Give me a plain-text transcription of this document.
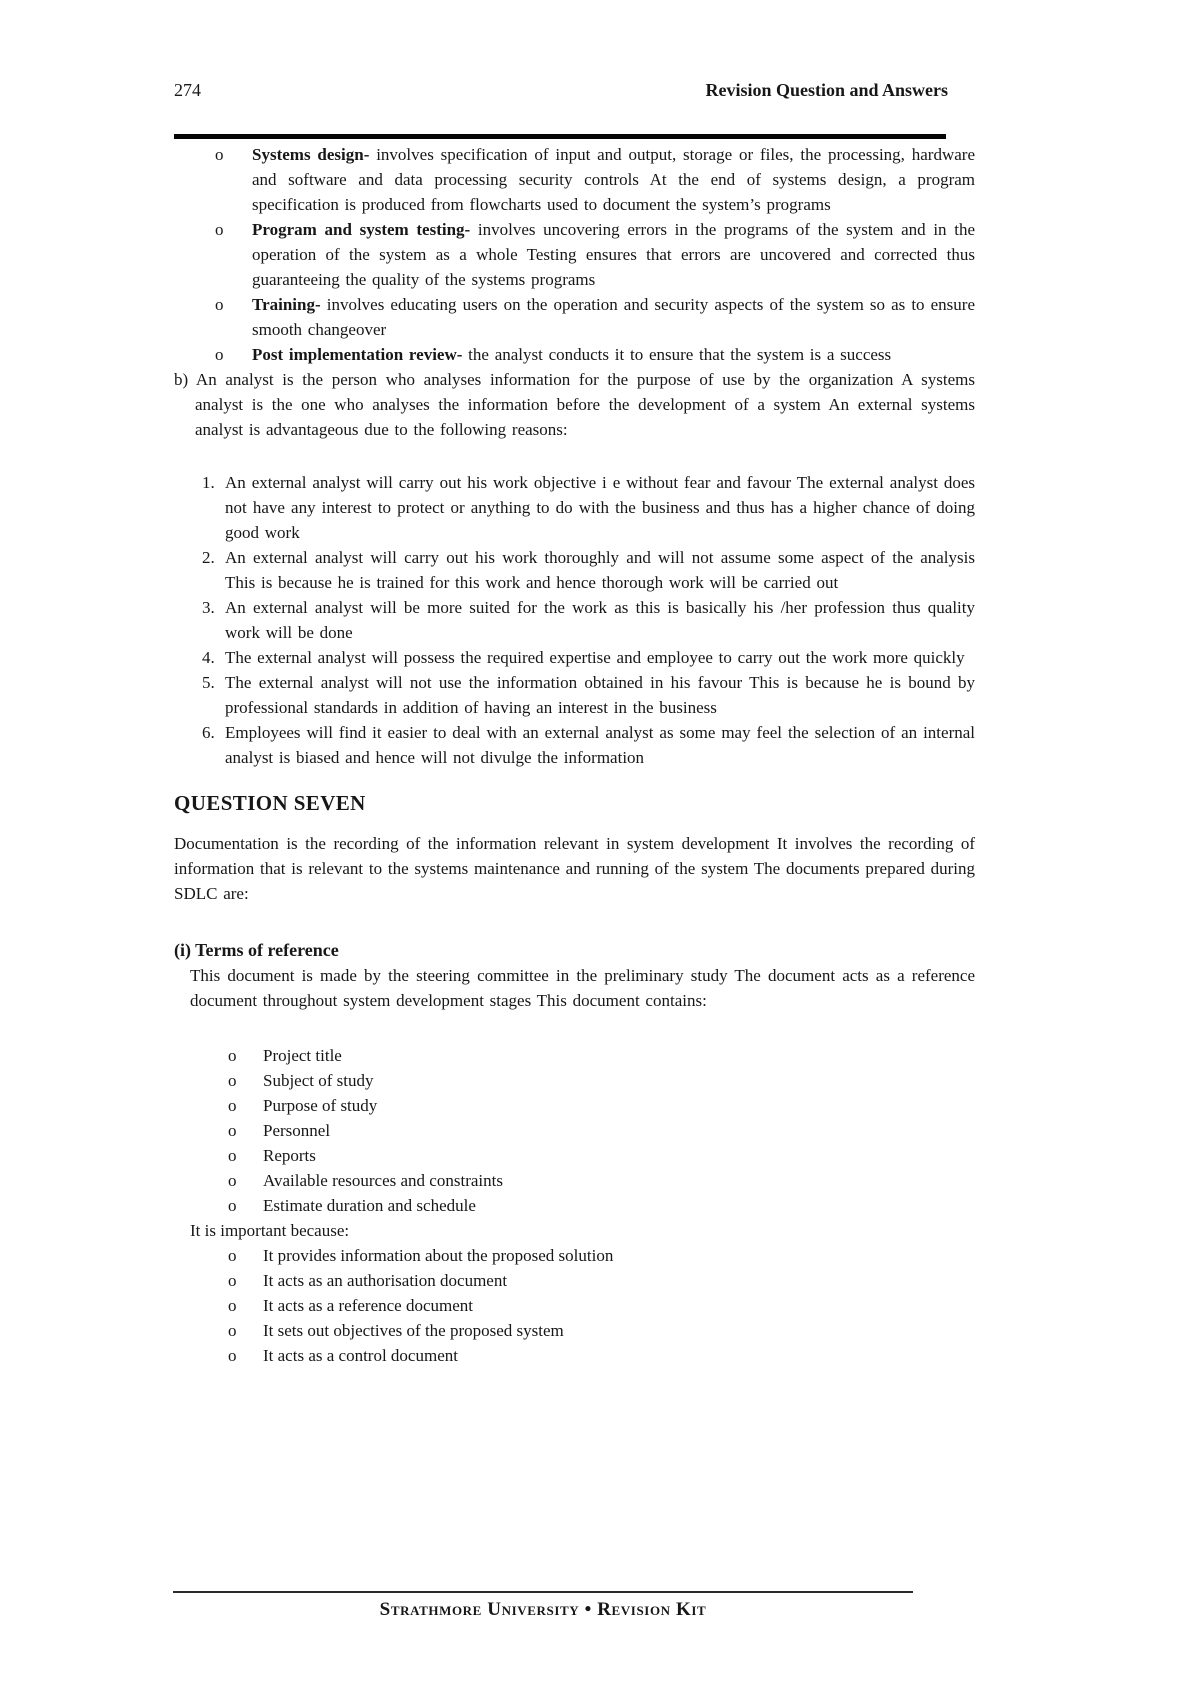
274	Revision Question and Answers
o Systems design- involves specification of input and output, storage or files, the processing, hardware and software and data processing security controls At the end of systems design, a program specification is produced from flowcharts used to document the system’s programs
o Program and system testing- involves uncovering errors in the programs of the system and in the operation of the system as a whole Testing ensures that errors are uncovered and corrected thus guaranteeing the quality of the systems programs
o Training- involves educating users on the operation and security aspects of the system so as to ensure smooth changeover
o Post implementation review- the analyst conducts it to ensure that the system is a success
b) An analyst is the person who analyses information for the purpose of use by the organization A systems analyst is the one who analyses the information before the development of a system An external systems analyst is advantageous due to the following reasons:
1. An external analyst will carry out his work objective i e without fear and favour The external analyst does not have any interest to protect or anything to do with the business and thus has a higher chance of doing good work
2. An external analyst will carry out his work thoroughly and will not assume some aspect of the analysis This is because he is trained for this work and hence thorough work will be carried out
3. An external analyst will be more suited for the work as this is basically his /her profession thus quality work will be done
4. The external analyst will possess the required expertise and employee to carry out the work more quickly
5. The external analyst will not use the information obtained in his favour This is because he is bound by professional standards in addition of having an interest in the business
6. Employees will find it easier to deal with an external analyst as some may feel the selection of an internal analyst is biased and hence will not divulge the information
QUESTION SEVEN

Documentation is the recording of the information relevant in system development It involves the recording of information that is relevant to the systems maintenance and running of the system The documents prepared during SDLC are:

(i) Terms of reference

This document is made by the steering committee in the preliminary study The document acts as a reference document throughout system development stages This document contains:

o Project title
o Subject of study
o Purpose of study
o Personnel
o Reports
o Available resources and constraints
o Estimate duration and schedule

It is important because:

o It provides information about the proposed solution
o It acts as an authorisation document
o It acts as a reference document
o It sets out objectives of the proposed system
o It acts as a control document
Strathmore University • Revision Kit
